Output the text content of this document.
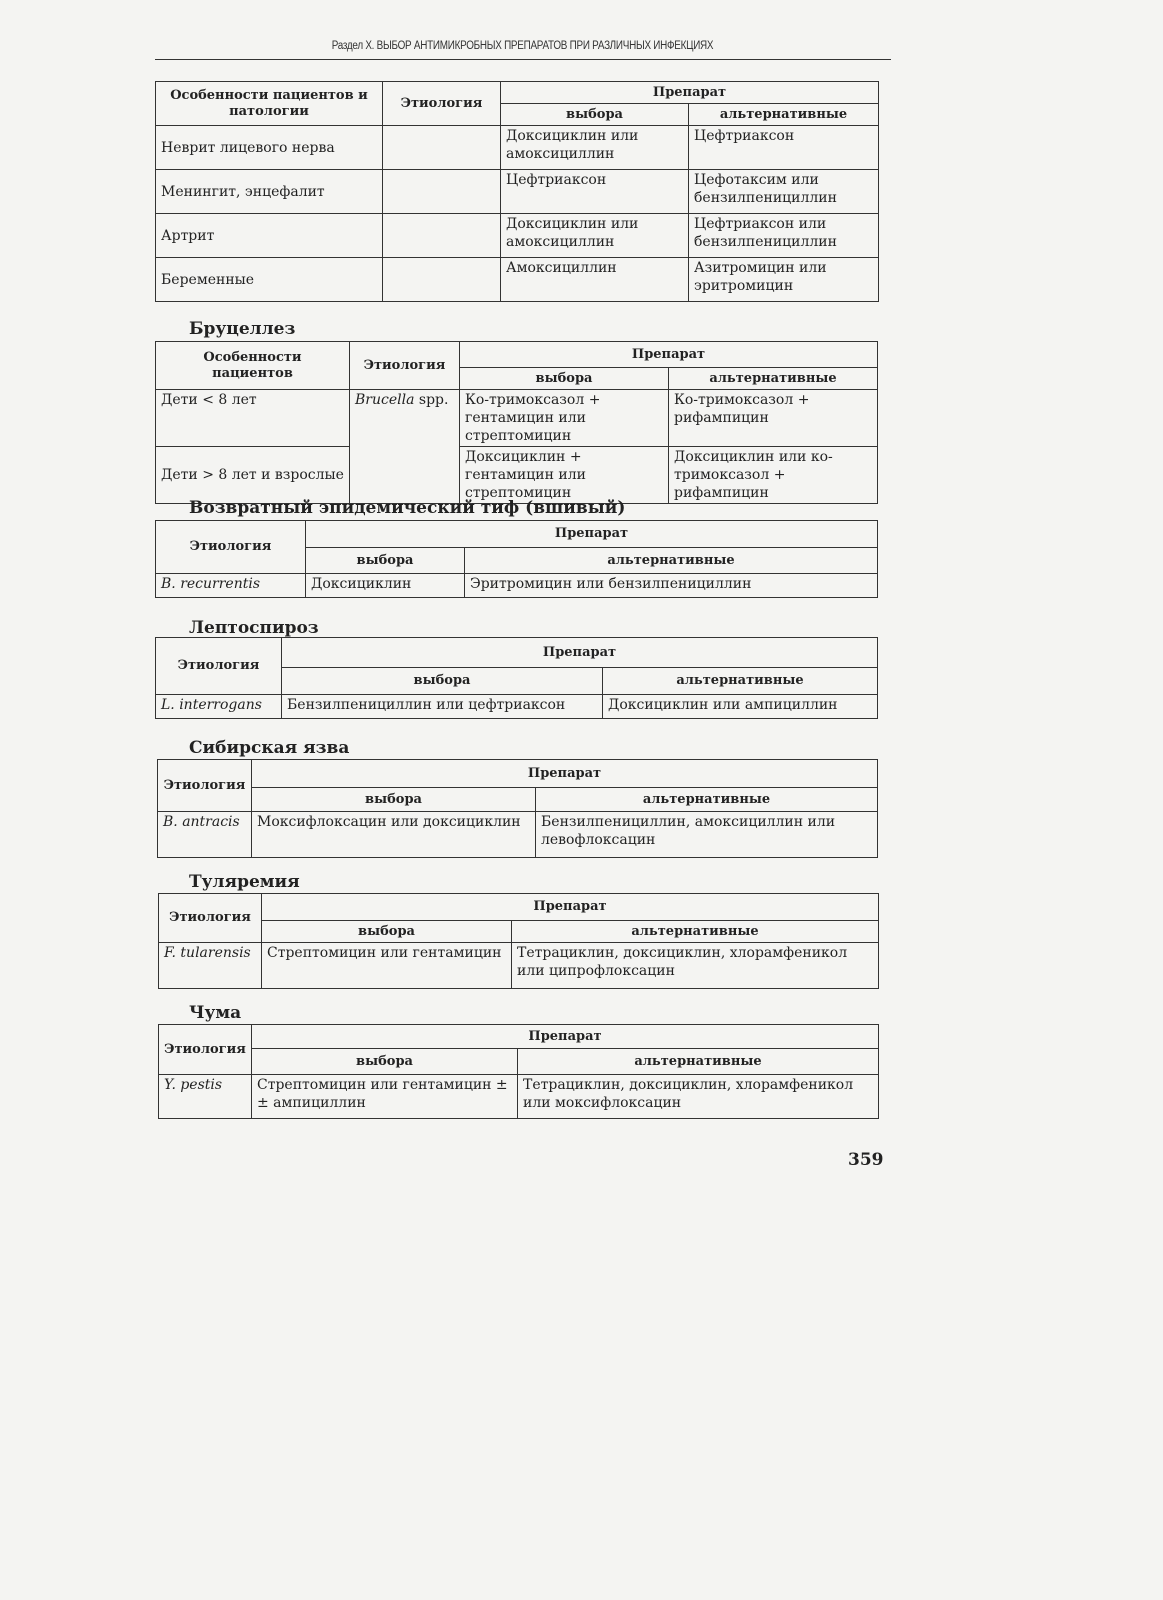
Раздел X. ВЫБОР АНТИМИКРОБНЫХ ПРЕПАРАТОВ ПРИ РАЗЛИЧНЫХ ИНФЕКЦИЯХ
Особенности пациентов и патологии	Этиология	Препарат	
		выбора	альтернативные
Неврит лицевого нерва		Доксициклин или амоксициллин	Цефтриаксон
Менингит, энцефалит		Цефтриаксон	Цефотаксим или бензилпенициллин
Артрит		Доксициклин или амоксициллин	Цефтриаксон или бензилпенициллин
Беременные		Амоксициллин	Азитромицин или эритромицин
Бруцеллез
Особенности пациентов	Этиология	Препарат	
		выбора	альтернативные
Дети < 8 лет	Brucella spp.	Ко-тримоксазол + гентамицин или стрептомицин	Ко-тримоксазол + рифампицин
Дети > 8 лет и взрослые		Доксициклин + гентамицин или стрептомицин	Доксициклин или ко-тримоксазол + рифампицин
Возвратный эпидемический тиф (вшивый)
Этиология	Препарат	
	выбора	альтернативные
B. recurrentis	Доксициклин	Эритромицин или бензилпенициллин
Лептоспироз
Этиология	Препарат	
	выбора	альтернативные
L. interrogans	Бензилпенициллин или цефтриаксон	Доксициклин или ампициллин
Сибирская язва
Этиология	Препарат	
	выбора	альтернативные
B. antracis	Моксифлоксацин или доксициклин	Бензилпенициллин, амоксициллин или левофлоксацин
Туляремия
Этиология	Препарат	
	выбора	альтернативные
F. tularensis	Стрептомицин или гентамицин	Тетрациклин, доксициклин, хлорамфеникол или ципрофлоксацин
Чума
Этиология	Препарат	
	выбора	альтернативные
Y. pestis	Стрептомицин или гентамицин ± ± ампициллин	Тетрациклин, доксициклин, хлорамфеникол или моксифлоксацин
359
